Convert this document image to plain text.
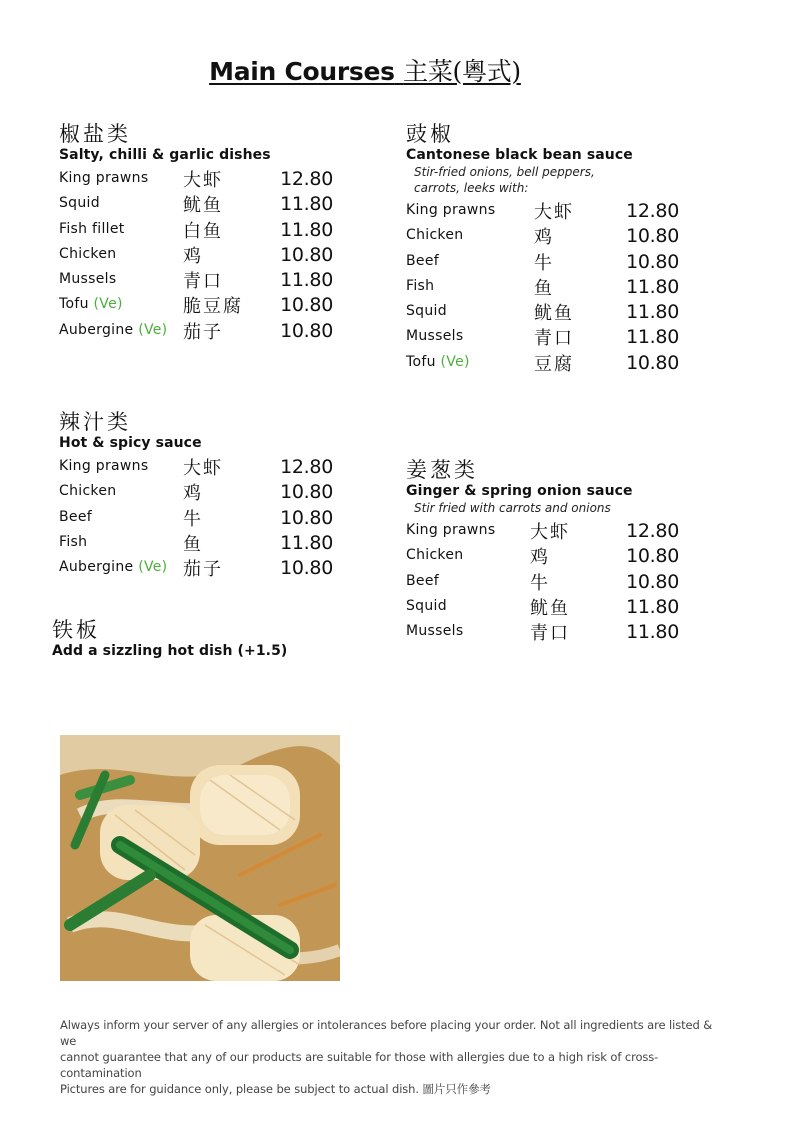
Main Courses 主菜(粵式)
椒盐类
Salty, chilli & garlic dishes
King prawns 大虾	12.80
Squid	鱿鱼	11.80
Fish fillet	白鱼	11.80
Chicken	鸡	10.80
Mussels	青口	11.80
Tofu (Ve)	脆豆腐	10.80
Aubergine (Ve) 茄子	10.80
豉椒
Cantonese black bean sauce
Stir-fried onions, bell peppers, carrots, leeks with:
King prawns 大虾	12.80
Chicken	鸡	10.80
Beef	牛	10.80
Fish	鱼	11.80
Squid	鱿鱼	11.80
Mussels	青口	11.80
Tofu (Ve)	豆腐	10.80
辣汁类
Hot & spicy sauce
King prawns 大虾	12.80
Chicken	鸡	10.80
Beef	牛	10.80
Fish	鱼	11.80
Aubergine (Ve) 茄子	10.80
姜葱类
Ginger & spring onion sauce
Stir fried with carrots and onions
King prawns 大虾	12.80
Chicken	鸡	10.80
Beef	牛	10.80
Squid	鱿鱼	11.80
Mussels	青口	11.80
铁板
Add a sizzling hot dish (+1.5)
Always inform your server of any allergies or intolerances before placing your order. Not all ingredients are listed & we
cannot guarantee that any of our products are suitable for those with allergies due to a high risk of cross-contamination
Pictures are for guidance only, please be subject to actual dish. 圖片只作參考
